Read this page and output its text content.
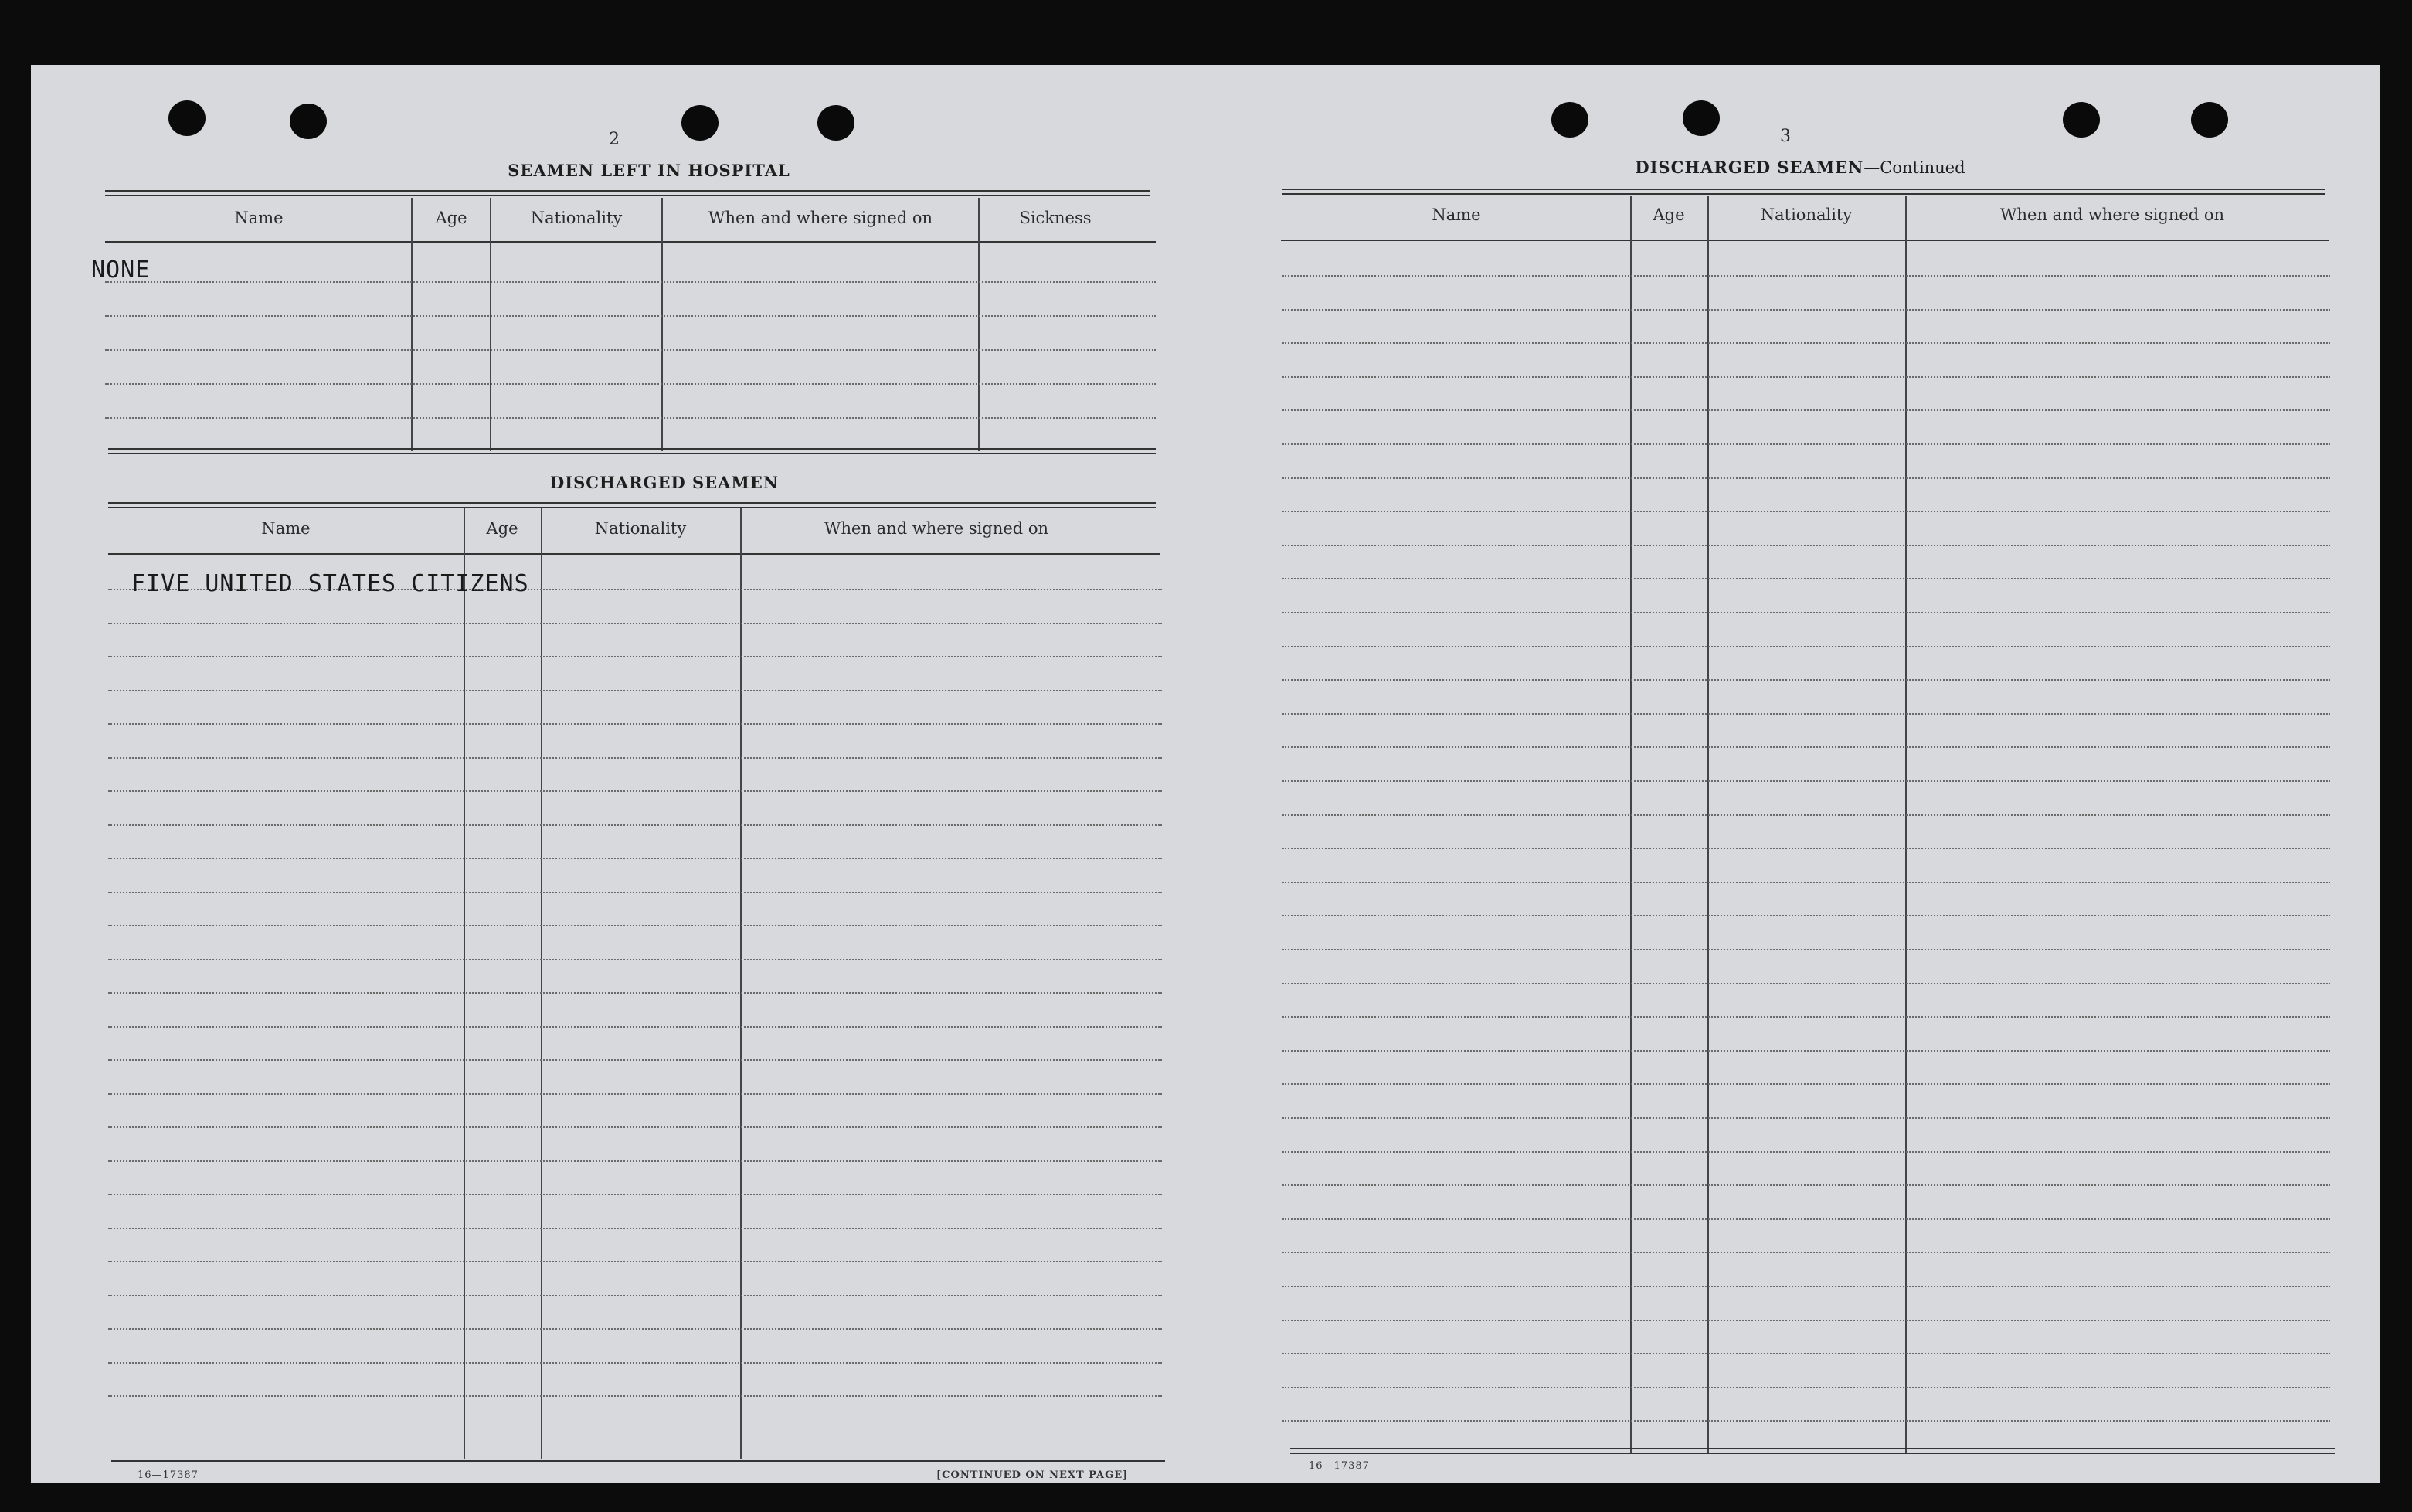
2
SEAMEN LEFT IN HOSPITAL
Name	Age	Nationality	When and where signed on	Sickness
NONE
DISCHARGED SEAMEN
Name	Age	Nationality	When and where signed on
FIVE UNITED STATES CITIZENS
16—17387	[CONTINUED ON NEXT PAGE]
3
DISCHARGED SEAMEN—Continued
Name	Age	Nationality	When and where signed on
16—17387
